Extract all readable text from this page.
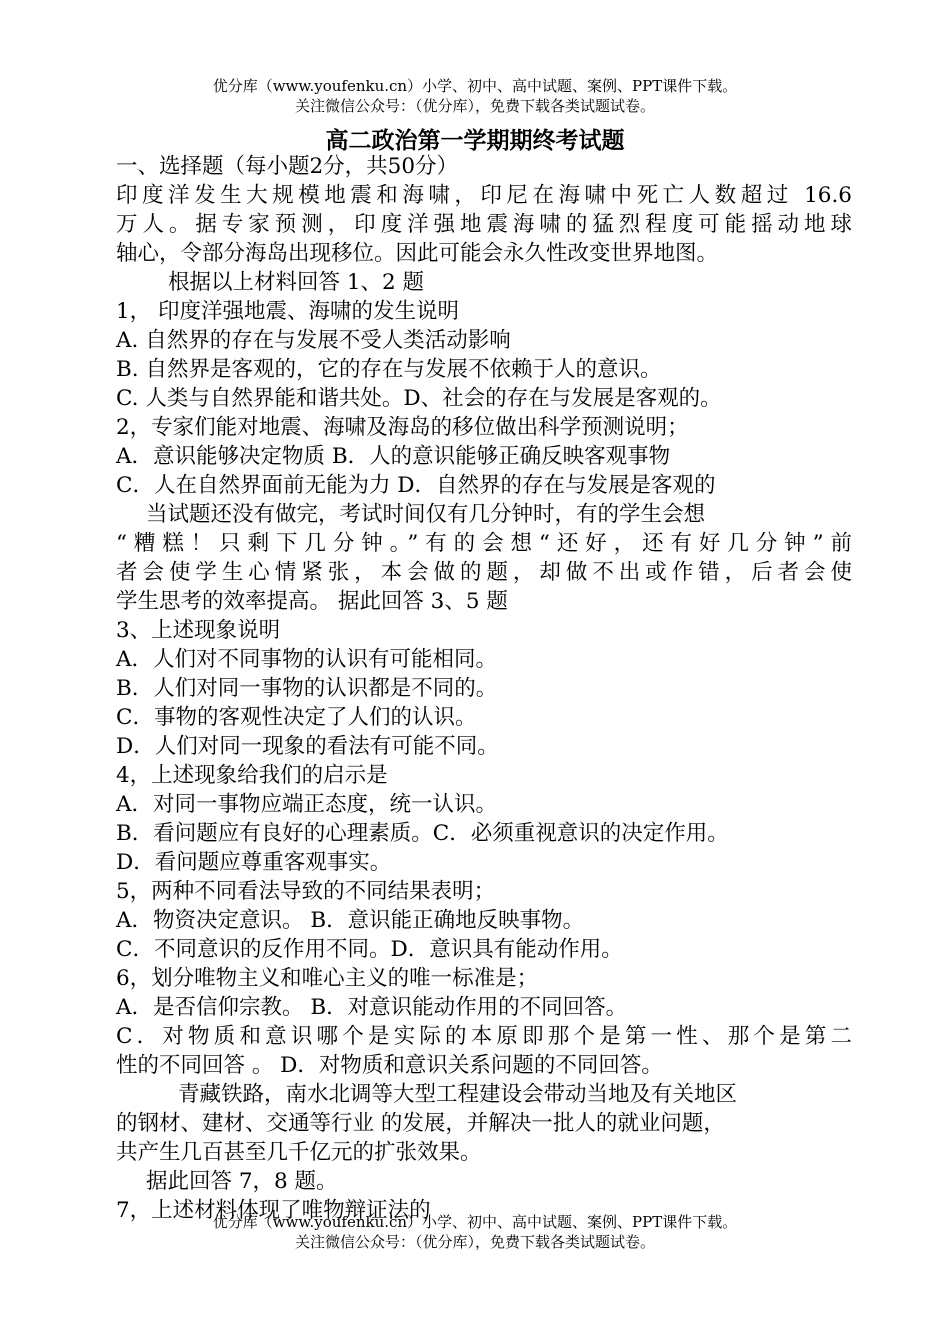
优分库（www.youfenku.cn）小学、初中、高中试题、案例、PPT课件下载。
关注微信公众号：（优分库），免费下载各类试题试卷。
高二政治第一学期期终考试题
一、选择题（每小题2分，共50分）
印度洋发生大规模地震和海啸，印尼在海啸中死亡人数超过 16.6
万人。据专家预测，印度洋强地震海啸的猛烈程度可能摇动地球
轴心，令部分海岛出现移位。因此可能会永久性改变世界地图。
根据以上材料回答 1、2 题
1， 印度洋强地震、海啸的发生说明
A. 自然界的存在与发展不受人类活动影响
B. 自然界是客观的，它的存在与发展不依赖于人的意识。
C. 人类与自然界能和谐共处。D、社会的存在与发展是客观的。
2，专家们能对地震、海啸及海岛的移位做出科学预测说明；
A．意识能够决定物质 B．人的意识能够正确反映客观事物
C．人在自然界面前无能为力 D．自然界的存在与发展是客观的
当试题还没有做完，考试时间仅有几分钟时，有的学生会想
“糟糕！只剩下几分钟。”有的会想“还好，还有好几分钟”前
者会使学生心情紧张，本会做的题，却做不出或作错，后者会使
学生思考的效率提高。 据此回答 3、5 题
3、上述现象说明
A．人们对不同事物的认识有可能相同。
B．人们对同一事物的认识都是不同的。
C．事物的客观性决定了人们的认识。
D．人们对同一现象的看法有可能不同。
4，上述现象给我们的启示是
A．对同一事物应端正态度，统一认识。
B．看问题应有良好的心理素质。C．必须重视意识的决定作用。
D．看问题应尊重客观事实。
5，两种不同看法导致的不同结果表明；
A．物资决定意识。 B．意识能正确地反映事物。
C．不同意识的反作用不同。D．意识具有能动作用。
6，划分唯物主义和唯心主义的唯一标准是；
A．是否信仰宗教。 B．对意识能动作用的不同回答。
C．对物质和意识哪个是实际的本原即那个是第一性、那个是第二
性的不同回答 。 D．对物质和意识关系问题的不同回答。
青藏铁路，南水北调等大型工程建设会带动当地及有关地区
的钢材、建材、交通等行业 的发展，并解决一批人的就业问题，
共产生几百甚至几千亿元的扩张效果。
据此回答 7，8 题。
7，上述材料体现了唯物辩证法的
优分库（www.youfenku.cn）小学、初中、高中试题、案例、PPT课件下载。
关注微信公众号：（优分库），免费下载各类试题试卷。
